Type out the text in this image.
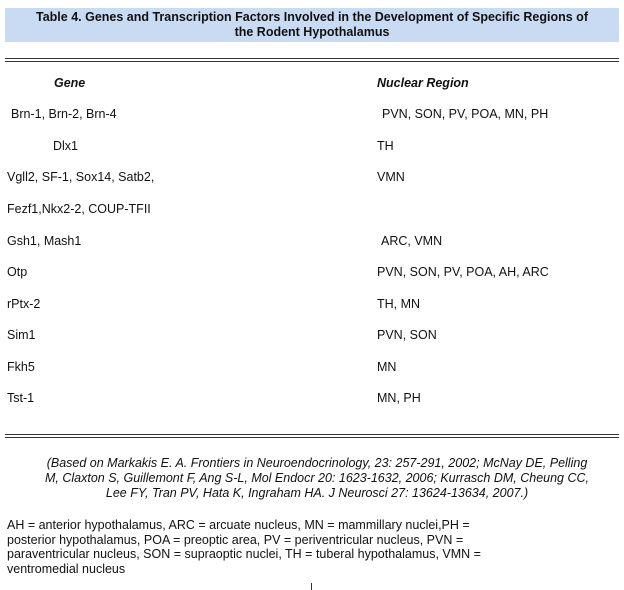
Table 4. Genes and Transcription Factors Involved in the Development of Specific Regions of
the Rodent Hypothalamus
Gene	Nuclear Region
Brn-1, Brn-2, Brn-4	PVN, SON, PV, POA, MN, PH
Dlx1	TH
Vgll2, SF-1, Sox14, Satb2,	VMN
Fezf1,Nkx2-2, COUP-TFII
Gsh1, Mash1	ARC, VMN
Otp	PVN, SON, PV, POA, AH, ARC
rPtx-2	TH, MN
Sim1	PVN, SON
Fkh5	MN
Tst-1	MN, PH
(Based on Markakis E. A. Frontiers in Neuroendocrinology, 23: 257-291, 2002; McNay DE, Pelling
M, Claxton S, Guillemont F, Ang S-L, Mol Endocr 20: 1623-1632, 2006; Kurrasch DM, Cheung CC,
Lee FY, Tran PV, Hata K, Ingraham HA. J Neurosci 27: 13624-13634, 2007.)
AH = anterior hypothalamus, ARC = arcuate nucleus, MN = mammillary nuclei,PH =
posterior hypothalamus, POA = preoptic area, PV = periventricular nucleus, PVN =
paraventricular nucleus, SON = supraoptic nuclei, TH = tuberal hypothalamus, VMN =
ventromedial nucleus
